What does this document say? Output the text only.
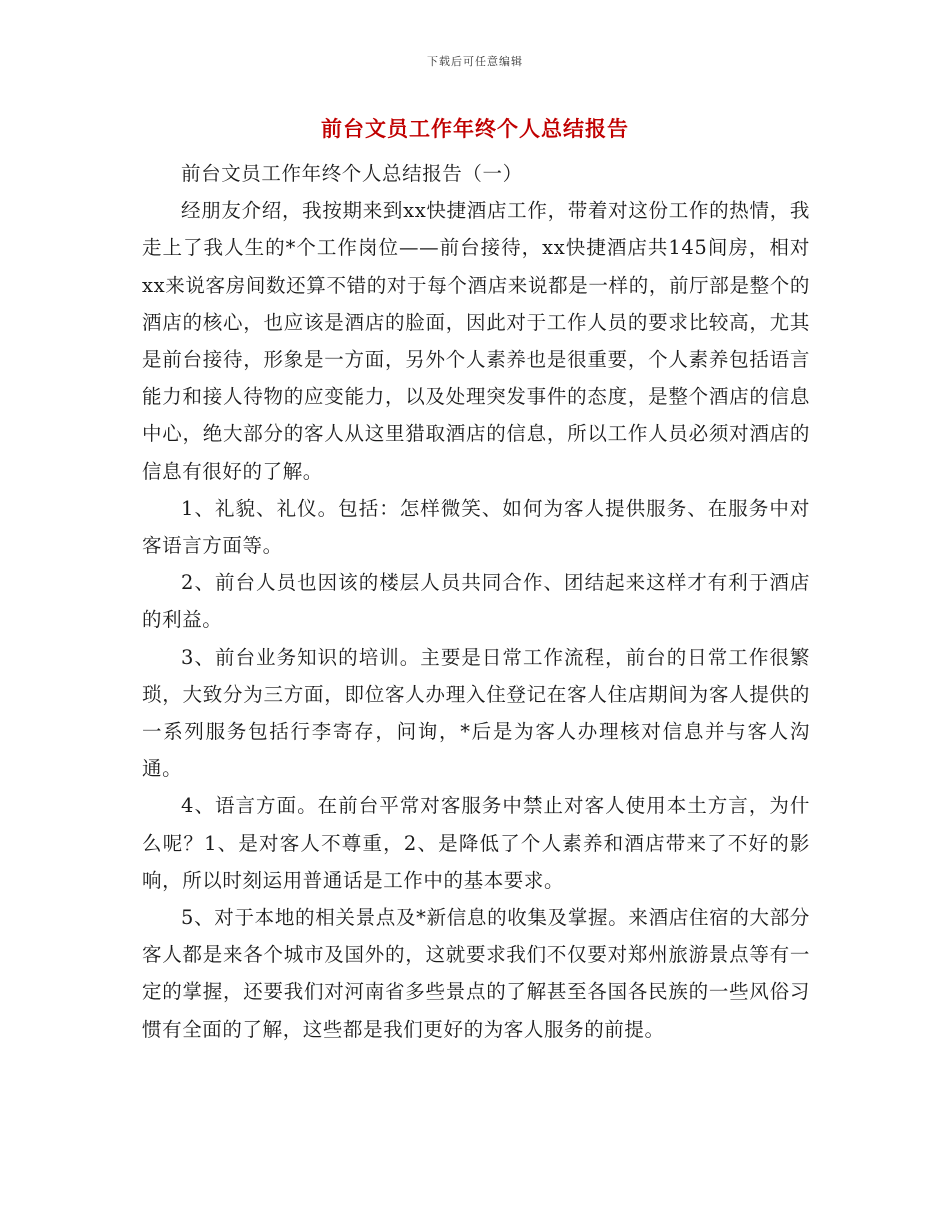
下载后可任意编辑
前台文员工作年终个人总结报告

前台文员工作年终个人总结报告（一）

经朋友介绍，我按期来到xx快捷酒店工作，带着对这份工作的热情，我走上了我人生的*个工作岗位——前台接待，xx快捷酒店共145间房，相对xx来说客房间数还算不错的对于每个酒店来说都是一样的，前厅部是整个的酒店的核心，也应该是酒店的脸面，因此对于工作人员的要求比较高，尤其是前台接待，形象是一方面，另外个人素养也是很重要，个人素养包括语言能力和接人待物的应变能力，以及处理突发事件的态度，是整个酒店的信息中心，绝大部分的客人从这里猎取酒店的信息，所以工作人员必须对酒店的信息有很好的了解。

1、礼貌、礼仪。包括：怎样微笑、如何为客人提供服务、在服务中对客语言方面等。

2、前台人员也因该的楼层人员共同合作、团结起来这样才有利于酒店的利益。

3、前台业务知识的培训。主要是日常工作流程，前台的日常工作很繁琐，大致分为三方面，即位客人办理入住登记在客人住店期间为客人提供的一系列服务包括行李寄存，问询，*后是为客人办理核对信息并与客人沟通。

4、语言方面。在前台平常对客服务中禁止对客人使用本土方言，为什么呢？1、是对客人不尊重，2、是降低了个人素养和酒店带来了不好的影响，所以时刻运用普通话是工作中的基本要求。

5、对于本地的相关景点及*新信息的收集及掌握。来酒店住宿的大部分客人都是来各个城市及国外的，这就要求我们不仅要对郑州旅游景点等有一定的掌握，还要我们对河南省多些景点的了解甚至各国各民族的一些风俗习惯有全面的了解，这些都是我们更好的为客人服务的前提。
